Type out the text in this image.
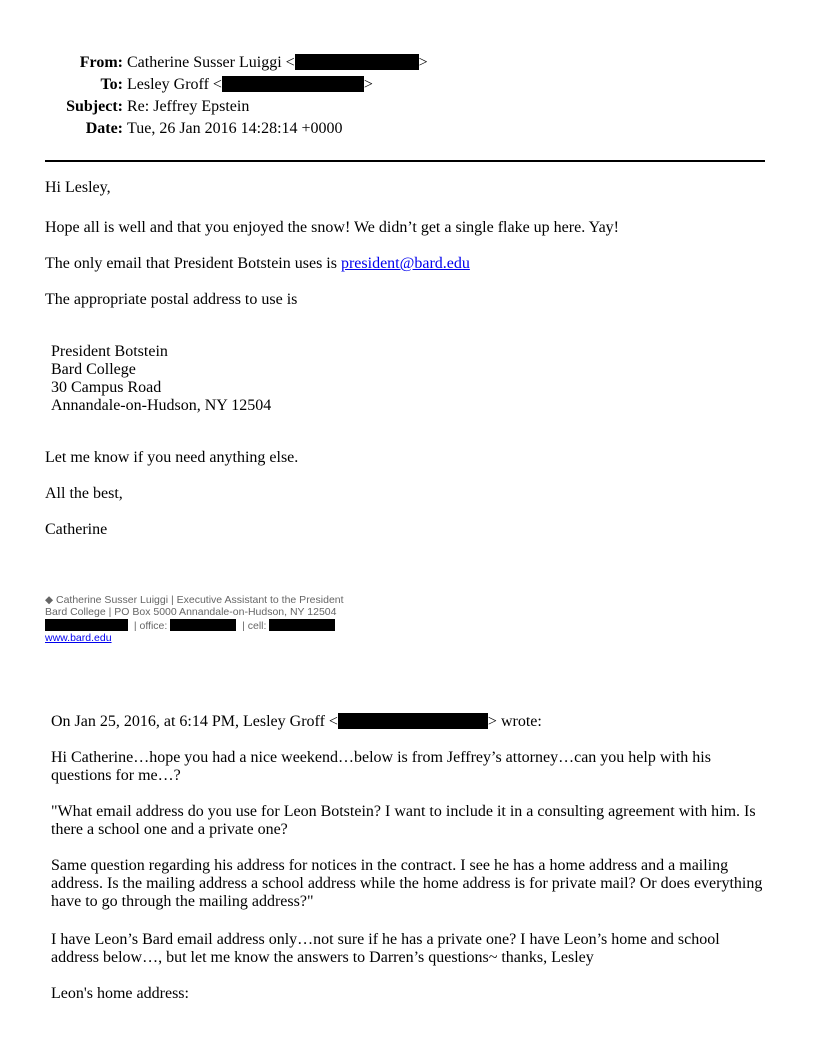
From: Catherine Susser Luiggi <	>
To: Lesley Groff <	>
Subject: Re: Jeffrey Epstein
Date: Tue, 26 Jan 2016 14:28:14 +0000
Hi Lesley,
Hope all is well and that you enjoyed the snow! We didn’t get a single flake up here. Yay!
The only email that President Botstein uses is president@bard.edu
The appropriate postal address to use is
President Botstein
Bard College
30 Campus Road
Annandale-on-Hudson, NY 12504
Let me know if you need anything else.
All the best,
Catherine
◆ Catherine Susser Luiggi | Executive Assistant to the President
Bard College | PO Box 5000 Annandale-on-Hudson, NY 12504
| office:	| cell:
www.bard.edu
On Jan 25, 2016, at 6:14 PM, Lesley Groff <	> wrote:
Hi Catherine…hope you had a nice weekend…below is from Jeffrey’s attorney…can you help with his questions for me…?
"What email address do you use for Leon Botstein? I want to include it in a consulting agreement with him. Is there a school one and a private one?
Same question regarding his address for notices in the contract. I see he has a home address and a mailing address. Is the mailing address a school address while the home address is for private mail? Or does everything have to go through the mailing address?"
I have Leon’s Bard email address only…not sure if he has a private one? I have Leon’s home and school address below…, but let me know the answers to Darren’s questions~ thanks, Lesley
Leon's home address:
